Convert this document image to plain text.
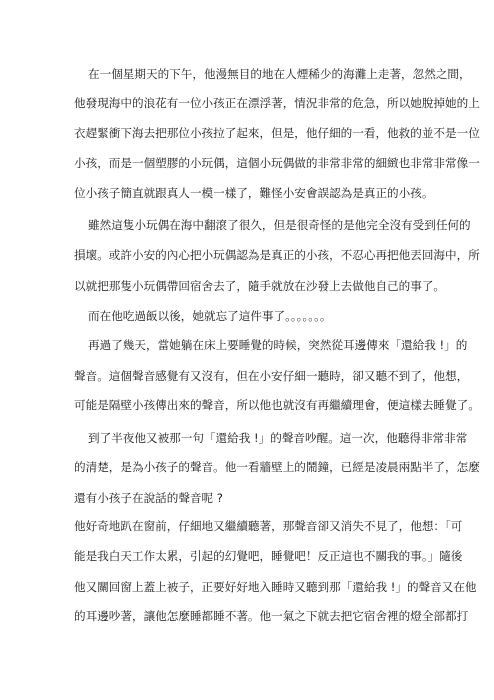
在一個星期天的下午，他漫無目的地在人煙稀少的海灘上走著，忽然之間，

他發現海中的浪花有一位小孩正在漂浮著，情況非常的危急，所以她脫掉她的上

衣趕緊衝下海去把那位小孩拉了起來，但是，他仔細的一看，他救的並不是一位

小孩，而是一個塑膠的小玩偶，這個小玩偶做的非常非常的細緻也非常非常像一

位小孩子簡直就跟真人一模一樣了，難怪小安會誤認為是真正的小孩。

雖然這隻小玩偶在海中翻滾了很久，但是很奇怪的是他完全沒有受到任何的

損壞。或許小安的內心把小玩偶認為是真正的小孩，不忍心再把他丟回海中，所

以就把那隻小玩偶帶回宿舍去了，隨手就放在沙發上去做他自己的事了。

而在他吃過飯以後，她就忘了這件事了。。。。。。。

再過了幾天，當她躺在床上要睡覺的時候，突然從耳邊傳來「還給我 !」的

聲音。這個聲音感覺有又沒有，但在小安仔細一聽時，卻又聽不到了，他想，

可能是隔壁小孩傳出來的聲音，所以他也就沒有再繼續理會，便這樣去睡覺了。

到了半夜他又被那一句「還給我 !」的聲音吵醒。這一次，他聽得非常非常

的清楚，是為小孩子的聲音。他一看牆壁上的鬧鐘，已經是凌晨兩點半了，怎麼

還有小孩子在說話的聲音呢 ?

他好奇地趴在窗前，仔細地又繼續聽著，那聲音卻又消失不見了，他想：「可

能是我白天工作太累，引起的幻覺吧，睡覺吧！反正這也不關我的事。」隨後

他又關回窗上蓋上被子，正要好好地入睡時又聽到那「還給我 !」的聲音又在他

的耳邊吵著，讓他怎麼睡都睡不著。他一氣之下就去把它宿舍裡的燈全部都打
